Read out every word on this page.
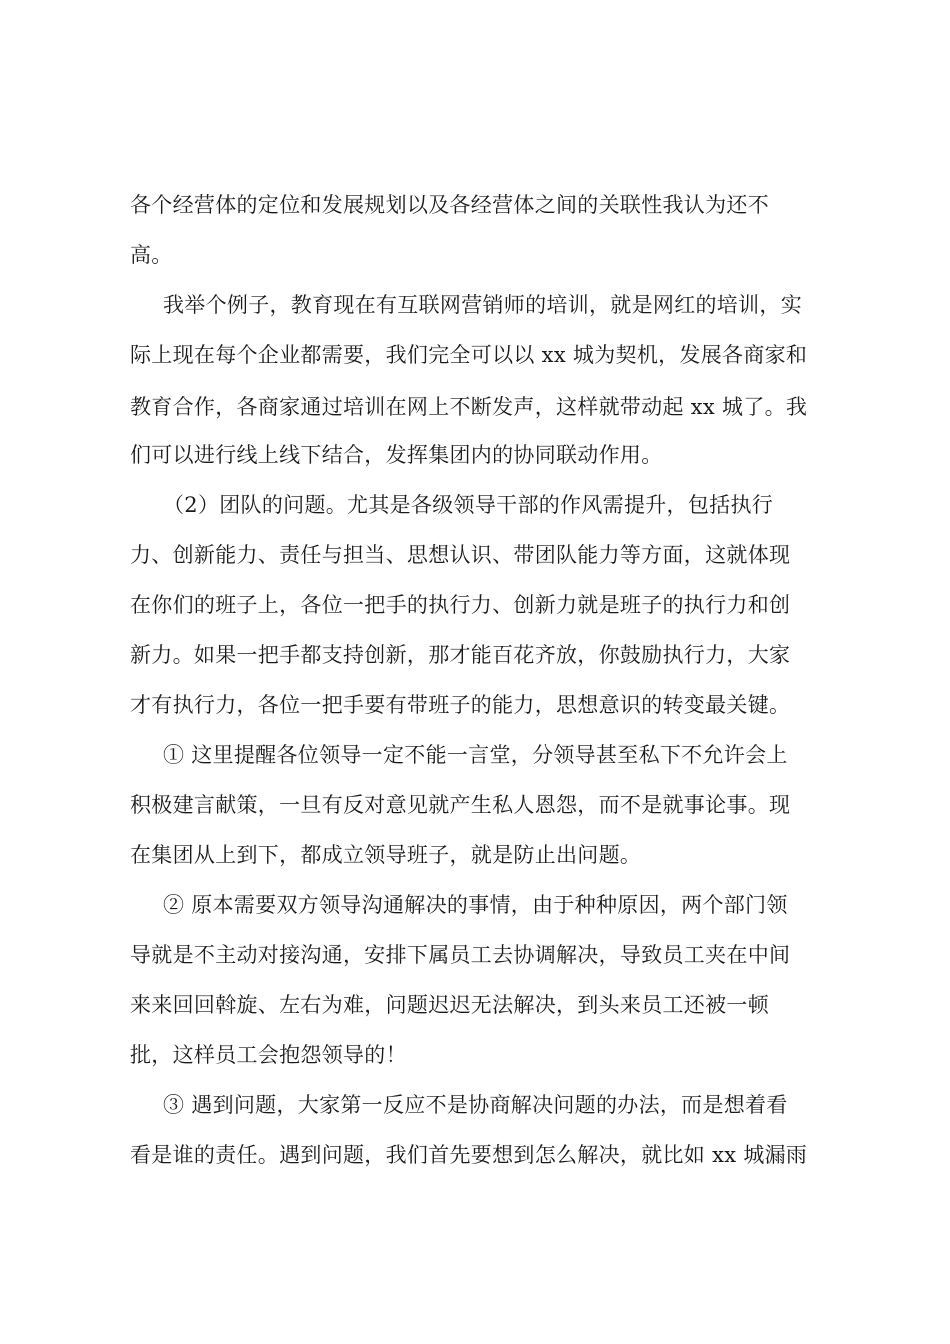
各个经营体的定位和发展规划以及各经营体之间的关联性我认为还不

高。

我举个例子，教育现在有互联网营销师的培训，就是网红的培训，实

际上现在每个企业都需要，我们完全可以以 xx 城为契机，发展各商家和

教育合作，各商家通过培训在网上不断发声，这样就带动起 xx 城了。我

们可以进行线上线下结合，发挥集团内的协同联动作用。

（2）团队的问题。尤其是各级领导干部的作风需提升，包括执行

力、创新能力、责任与担当、思想认识、带团队能力等方面，这就体现

在你们的班子上，各位一把手的执行力、创新力就是班子的执行力和创

新力。如果一把手都支持创新，那才能百花齐放，你鼓励执行力，大家

才有执行力，各位一把手要有带班子的能力，思想意识的转变最关键。

① 这里提醒各位领导一定不能一言堂，分领导甚至私下不允许会上

积极建言献策，一旦有反对意见就产生私人恩怨，而不是就事论事。现

在集团从上到下，都成立领导班子，就是防止出问题。

② 原本需要双方领导沟通解决的事情，由于种种原因，两个部门领

导就是不主动对接沟通，安排下属员工去协调解决，导致员工夹在中间

来来回回斡旋、左右为难，问题迟迟无法解决，到头来员工还被一顿

批，这样员工会抱怨领导的！

③ 遇到问题，大家第一反应不是协商解决问题的办法，而是想着看

看是谁的责任。遇到问题，我们首先要想到怎么解决，就比如 xx 城漏雨
